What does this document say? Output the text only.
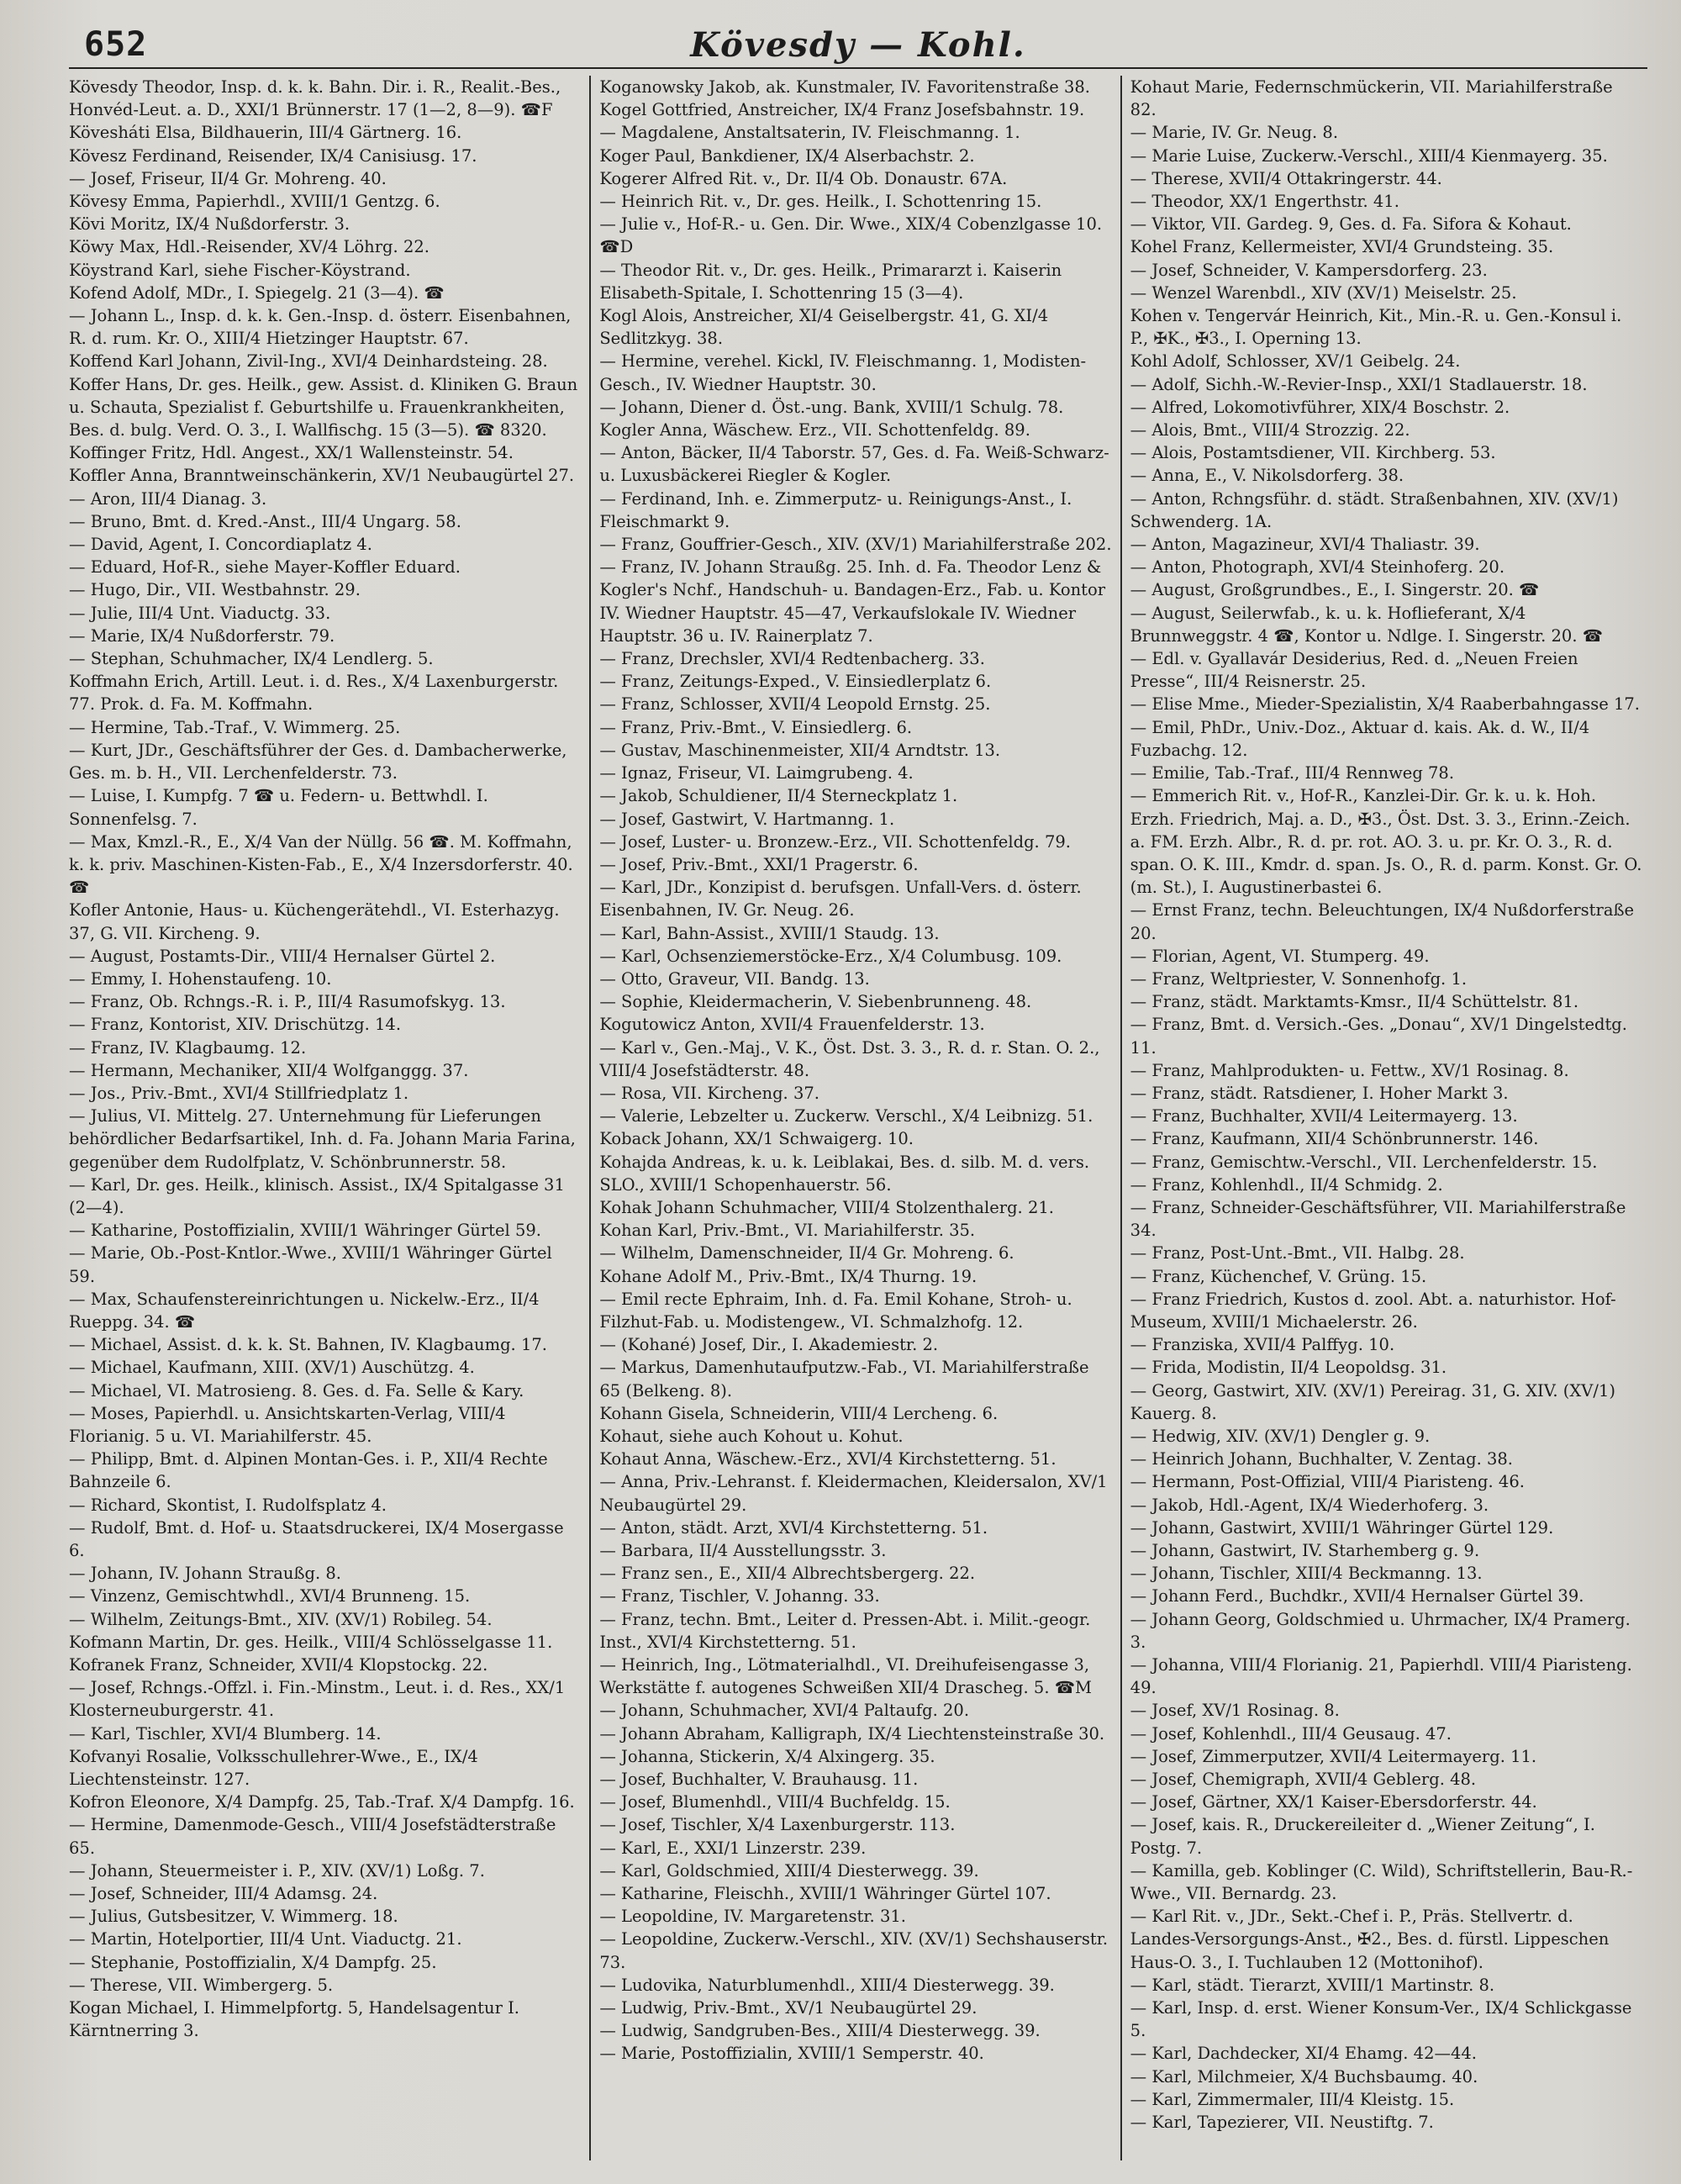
652	Kövesdy — Kohl.

Kövesdy Theodor, Insp. d. k. k. Bahn. Dir. i. R., Realit.-Bes., Honvéd-Leut. a. D., XXI/1 Brünnerstr. 17 (1—2, 8—9). ☎F

Kövesháti Elsa, Bildhauerin, III/4 Gärtnerg. 16.

Kövesz Ferdinand, Reisender, IX/4 Canisiusg. 17.

— Josef, Friseur, II/4 Gr. Mohreng. 40.

Kövesy Emma, Papierhdl., XVIII/1 Gentzg. 6.

Kövi Moritz, IX/4 Nußdorferstr. 3.

Köwy Max, Hdl.-Reisender, XV/4 Löhrg. 22.

Köystrand Karl, siehe Fischer-Köystrand.

Kofend Adolf, MDr., I. Spiegelg. 21 (3—4). ☎

— Johann L., Insp. d. k. k. Gen.-Insp. d. österr. Eisenbahnen, R. d. rum. Kr. O., XIII/4 Hietzinger Hauptstr. 67.

Koffend Karl Johann, Zivil-Ing., XVI/4 Deinhardsteing. 28.

Koffer Hans, Dr. ges. Heilk., gew. Assist. d. Kliniken G. Braun u. Schauta, Spezialist f. Geburtshilfe u. Frauenkrankheiten, Bes. d. bulg. Verd. O. 3., I. Wallfischg. 15 (3—5). ☎ 8320.

Koffinger Fritz, Hdl. Angest., XX/1 Wallensteinstr. 54.

Koffler Anna, Branntweinschänkerin, XV/1 Neubaugürtel 27.

— Aron, III/4 Dianag. 3.

— Bruno, Bmt. d. Kred.-Anst., III/4 Ungarg. 58.

— David, Agent, I. Concordiaplatz 4.

— Eduard, Hof-R., siehe Mayer-Koffler Eduard.

— Hugo, Dir., VII. Westbahnstr. 29.

— Julie, III/4 Unt. Viaductg. 33.

— Marie, IX/4 Nußdorferstr. 79.

— Stephan, Schuhmacher, IX/4 Lendlerg. 5.

Koffmahn Erich, Artill. Leut. i. d. Res., X/4 Laxenburgerstr. 77. Prok. d. Fa. M. Koffmahn.

— Hermine, Tab.-Traf., V. Wimmerg. 25.

— Kurt, JDr., Geschäftsführer der Ges. d. Dambacherwerke, Ges. m. b. H., VII. Lerchenfelderstr. 73.

— Luise, I. Kumpfg. 7 ☎ u. Federn- u. Bettwhdl. I. Sonnenfelsg. 7.

— Max, Kmzl.-R., E., X/4 Van der Nüllg. 56 ☎. M. Koffmahn, k. k. priv. Maschinen-Kisten-Fab., E., X/4 Inzersdorferstr. 40. ☎

Kofler Antonie, Haus- u. Küchengerätehdl., VI. Esterhazyg. 37, G. VII. Kircheng. 9.

— August, Postamts-Dir., VIII/4 Hernalser Gürtel 2.

— Emmy, I. Hohenstaufeng. 10.

— Franz, Ob. Rchngs.-R. i. P., III/4 Rasumofskyg. 13.

— Franz, Kontorist, XIV. Drischützg. 14.

— Franz, IV. Klagbaumg. 12.

— Hermann, Mechaniker, XII/4 Wolfganggg. 37.

— Jos., Priv.-Bmt., XVI/4 Stillfriedplatz 1.

— Julius, VI. Mittelg. 27. Unternehmung für Lieferungen behördlicher Bedarfsartikel, Inh. d. Fa. Johann Maria Farina, gegenüber dem Rudolfplatz, V. Schönbrunnerstr. 58.

— Karl, Dr. ges. Heilk., klinisch. Assist., IX/4 Spitalgasse 31 (2—4).

— Katharine, Postoffizialin, XVIII/1 Währinger Gürtel 59.

— Marie, Ob.-Post-Kntlor.-Wwe., XVIII/1 Währinger Gürtel 59.

— Max, Schaufenstereinrichtungen u. Nickelw.-Erz., II/4 Rueppg. 34. ☎

— Michael, Assist. d. k. k. St. Bahnen, IV. Klagbaumg. 17.

— Michael, Kaufmann, XIII. (XV/1) Auschützg. 4.

— Michael, VI. Matrosieng. 8. Ges. d. Fa. Selle & Kary.

— Moses, Papierhdl. u. Ansichtskarten-Verlag, VIII/4 Florianig. 5 u. VI. Mariahilferstr. 45.

— Philipp, Bmt. d. Alpinen Montan-Ges. i. P., XII/4 Rechte Bahnzeile 6.

— Richard, Skontist, I. Rudolfsplatz 4.

— Rudolf, Bmt. d. Hof- u. Staatsdruckerei, IX/4 Mosergasse 6.

— Johann, IV. Johann Straußg. 8.

— Vinzenz, Gemischtwhdl., XVI/4 Brunneng. 15.

— Wilhelm, Zeitungs-Bmt., XIV. (XV/1) Robileg. 54.

Kofmann Martin, Dr. ges. Heilk., VIII/4 Schlösselgasse 11.

Kofranek Franz, Schneider, XVII/4 Klopstockg. 22.

— Josef, Rchngs.-Offzl. i. Fin.-Minstm., Leut. i. d. Res., XX/1 Klosterneuburgerstr. 41.

— Karl, Tischler, XVI/4 Blumberg. 14.

Kofvanyi Rosalie, Volksschullehrer-Wwe., E., IX/4 Liechtensteinstr. 127.

Kofron Eleonore, X/4 Dampfg. 25, Tab.-Traf. X/4 Dampfg. 16.

— Hermine, Damenmode-Gesch., VIII/4 Josefstädterstraße 65.

— Johann, Steuermeister i. P., XIV. (XV/1) Loßg. 7.

— Josef, Schneider, III/4 Adamsg. 24.

— Julius, Gutsbesitzer, V. Wimmerg. 18.

— Martin, Hotelportier, III/4 Unt. Viaductg. 21.

— Stephanie, Postoffizialin, X/4 Dampfg. 25.

— Therese, VII. Wimbergerg. 5.

Kogan Michael, I. Himmelpfortg. 5, Handelsagentur I. Kärntnerring 3.

Koganowsky Jakob, ak. Kunstmaler, IV. Favoritenstraße 38.

Kogel Gottfried, Anstreicher, IX/4 Franz Josefsbahnstr. 19.

— Magdalene, Anstaltsaterin, IV. Fleischmanng. 1.

Koger Paul, Bankdiener, IX/4 Alserbachstr. 2.

Kogerer Alfred Rit. v., Dr. II/4 Ob. Donaustr. 67A.

— Heinrich Rit. v., Dr. ges. Heilk., I. Schottenring 15.

— Julie v., Hof-R.- u. Gen. Dir. Wwe., XIX/4 Cobenzlgasse 10. ☎D

— Theodor Rit. v., Dr. ges. Heilk., Primararzt i. Kaiserin Elisabeth-Spitale, I. Schottenring 15 (3—4).

Kogl Alois, Anstreicher, XI/4 Geiselbergstr. 41, G. XI/4 Sedlitzkyg. 38.

— Hermine, verehel. Kickl, IV. Fleischmanng. 1, Modisten-Gesch., IV. Wiedner Hauptstr. 30.

— Johann, Diener d. Öst.-ung. Bank, XVIII/1 Schulg. 78.

Kogler Anna, Wäschew. Erz., VII. Schottenfeldg. 89.

— Anton, Bäcker, II/4 Taborstr. 57, Ges. d. Fa. Weiß-Schwarz- u. Luxusbäckerei Riegler & Kogler.

— Ferdinand, Inh. e. Zimmerputz- u. Reinigungs-Anst., I. Fleischmarkt 9.

— Franz, Gouffrier-Gesch., XIV. (XV/1) Mariahilferstraße 202.

— Franz, IV. Johann Straußg. 25. Inh. d. Fa. Theodor Lenz & Kogler's Nchf., Handschuh- u. Bandagen-Erz., Fab. u. Kontor IV. Wiedner Hauptstr. 45—47, Verkaufslokale IV. Wiedner Hauptstr. 36 u. IV. Rainerplatz 7.

— Franz, Drechsler, XVI/4 Redtenbacherg. 33.

— Franz, Zeitungs-Exped., V. Einsiedlerplatz 6.

— Franz, Schlosser, XVII/4 Leopold Ernstg. 25.

— Franz, Priv.-Bmt., V. Einsiedlerg. 6.

— Gustav, Maschinenmeister, XII/4 Arndtstr. 13.

— Ignaz, Friseur, VI. Laimgrubeng. 4.

— Jakob, Schuldiener, II/4 Sterneckplatz 1.

— Josef, Gastwirt, V. Hartmanng. 1.

— Josef, Luster- u. Bronzew.-Erz., VII. Schottenfeldg. 79.

— Josef, Priv.-Bmt., XXI/1 Pragerstr. 6.

— Karl, JDr., Konzipist d. berufsgen. Unfall-Vers. d. österr. Eisenbahnen, IV. Gr. Neug. 26.

— Karl, Bahn-Assist., XVIII/1 Staudg. 13.

— Karl, Ochsenziemerstöcke-Erz., X/4 Columbusg. 109.

— Otto, Graveur, VII. Bandg. 13.

— Sophie, Kleidermacherin, V. Siebenbrunneng. 48.

Kogutowicz Anton, XVII/4 Frauenfelderstr. 13.

— Karl v., Gen.-Maj., V. K., Öst. Dst. 3. 3., R. d. r. Stan. O. 2., VIII/4 Josefstädterstr. 48.

— Rosa, VII. Kircheng. 37.

— Valerie, Lebzelter u. Zuckerw. Verschl., X/4 Leibnizg. 51.

Koback Johann, XX/1 Schwaigerg. 10.

Kohajda Andreas, k. u. k. Leiblakai, Bes. d. silb. M. d. vers. SLO., XVIII/1 Schopenhauerstr. 56.

Kohak Johann Schuhmacher, VIII/4 Stolzenthalerg. 21.

Kohan Karl, Priv.-Bmt., VI. Mariahilferstr. 35.

— Wilhelm, Damenschneider, II/4 Gr. Mohreng. 6.

Kohane Adolf M., Priv.-Bmt., IX/4 Thurng. 19.

— Emil recte Ephraim, Inh. d. Fa. Emil Kohane, Stroh- u. Filzhut-Fab. u. Modistengew., VI. Schmalzhofg. 12.

— (Kohané) Josef, Dir., I. Akademiestr. 2.

— Markus, Damenhutaufputzw.-Fab., VI. Mariahilferstraße 65 (Belkeng. 8).

Kohann Gisela, Schneiderin, VIII/4 Lercheng. 6.

Kohaut, siehe auch Kohout u. Kohut.

Kohaut Anna, Wäschew.-Erz., XVI/4 Kirchstetterng. 51.

— Anna, Priv.-Lehranst. f. Kleidermachen, Kleidersalon, XV/1 Neubaugürtel 29.

— Anton, städt. Arzt, XVI/4 Kirchstetterng. 51.

— Barbara, II/4 Ausstellungsstr. 3.

— Franz sen., E., XII/4 Albrechtsbergerg. 22.

— Franz, Tischler, V. Johanng. 33.

— Franz, techn. Bmt., Leiter d. Pressen-Abt. i. Milit.-geogr. Inst., XVI/4 Kirchstetterng. 51.

— Heinrich, Ing., Lötmaterialhdl., VI. Dreihufeisengasse 3, Werkstätte f. autogenes Schweißen XII/4 Drascheg. 5. ☎M

— Johann, Schuhmacher, XVI/4 Paltaufg. 20.

— Johann Abraham, Kalligraph, IX/4 Liechtensteinstraße 30.

— Johanna, Stickerin, X/4 Alxingerg. 35.

— Josef, Buchhalter, V. Brauhausg. 11.

— Josef, Blumenhdl., VIII/4 Buchfeldg. 15.

— Josef, Tischler, X/4 Laxenburgerstr. 113.

— Karl, E., XXI/1 Linzerstr. 239.

— Karl, Goldschmied, XIII/4 Diesterwegg. 39.

— Katharine, Fleischh., XVIII/1 Währinger Gürtel 107.

— Leopoldine, IV. Margaretenstr. 31.

— Leopoldine, Zuckerw.-Verschl., XIV. (XV/1) Sechshauserstr. 73.

— Ludovika, Naturblumenhdl., XIII/4 Diesterwegg. 39.

— Ludwig, Priv.-Bmt., XV/1 Neubaugürtel 29.

— Ludwig, Sandgruben-Bes., XIII/4 Diesterwegg. 39.

— Marie, Postoffizialin, XVIII/1 Semperstr. 40.

Kohaut Marie, Federnschmückerin, VII. Mariahilferstraße 82.

— Marie, IV. Gr. Neug. 8.

— Marie Luise, Zuckerw.-Verschl., XIII/4 Kienmayerg. 35.

— Therese, XVII/4 Ottakringerstr. 44.

— Theodor, XX/1 Engerthstr. 41.

— Viktor, VII. Gardeg. 9, Ges. d. Fa. Sifora & Kohaut.

Kohel Franz, Kellermeister, XVI/4 Grundsteing. 35.

— Josef, Schneider, V. Kampersdorferg. 23.

— Wenzel Warenbdl., XIV (XV/1) Meiselstr. 25.

Kohen v. Tengervár Heinrich, Kit., Min.-R. u. Gen.-Konsul i. P., ✠K., ✠3., I. Operning 13.

Kohl Adolf, Schlosser, XV/1 Geibelg. 24.

— Adolf, Sichh.-W.-Revier-Insp., XXI/1 Stadlauerstr. 18.

— Alfred, Lokomotivführer, XIX/4 Boschstr. 2.

— Alois, Bmt., VIII/4 Strozzig. 22.

— Alois, Postamtsdiener, VII. Kirchberg. 53.

— Anna, E., V. Nikolsdorferg. 38.

— Anton, Rchngsführ. d. städt. Straßenbahnen, XIV. (XV/1) Schwenderg. 1A.

— Anton, Magazineur, XVI/4 Thaliastr. 39.

— Anton, Photograph, XVI/4 Steinhoferg. 20.

— August, Großgrundbes., E., I. Singerstr. 20. ☎

— August, Seilerwfab., k. u. k. Hoflieferant, X/4 Brunnweggstr. 4 ☎, Kontor u. Ndlge. I. Singerstr. 20. ☎

— Edl. v. Gyallavár Desiderius, Red. d. „Neuen Freien Presse“, III/4 Reisnerstr. 25.

— Elise Mme., Mieder-Spezialistin, X/4 Raaberbahngasse 17.

— Emil, PhDr., Univ.-Doz., Aktuar d. kais. Ak. d. W., II/4 Fuzbachg. 12.

— Emilie, Tab.-Traf., III/4 Rennweg 78.

— Emmerich Rit. v., Hof-R., Kanzlei-Dir. Gr. k. u. k. Hoh. Erzh. Friedrich, Maj. a. D., ✠3., Öst. Dst. 3. 3., Erinn.-Zeich. a. FM. Erzh. Albr., R. d. pr. rot. AO. 3. u. pr. Kr. O. 3., R. d. span. O. K. III., Kmdr. d. span. Js. O., R. d. parm. Konst. Gr. O. (m. St.), I. Augustinerbastei 6.

— Ernst Franz, techn. Beleuchtungen, IX/4 Nußdorferstraße 20.

— Florian, Agent, VI. Stumperg. 49.

— Franz, Weltpriester, V. Sonnenhofg. 1.

— Franz, städt. Marktamts-Kmsr., II/4 Schüttelstr. 81.

— Franz, Bmt. d. Versich.-Ges. „Donau“, XV/1 Dingelstedtg. 11.

— Franz, Mahlprodukten- u. Fettw., XV/1 Rosinag. 8.

— Franz, städt. Ratsdiener, I. Hoher Markt 3.

— Franz, Buchhalter, XVII/4 Leitermayerg. 13.

— Franz, Kaufmann, XII/4 Schönbrunnerstr. 146.

— Franz, Gemischtw.-Verschl., VII. Lerchenfelderstr. 15.

— Franz, Kohlenhdl., II/4 Schmidg. 2.

— Franz, Schneider-Geschäftsführer, VII. Mariahilferstraße 34.

— Franz, Post-Unt.-Bmt., VII. Halbg. 28.

— Franz, Küchenchef, V. Grüng. 15.

— Franz Friedrich, Kustos d. zool. Abt. a. naturhistor. Hof-Museum, XVIII/1 Michaelerstr. 26.

— Franziska, XVII/4 Palffyg. 10.

— Frida, Modistin, II/4 Leopoldsg. 31.

— Georg, Gastwirt, XIV. (XV/1) Pereirag. 31, G. XIV. (XV/1) Kauerg. 8.

— Hedwig, XIV. (XV/1) Dengler g. 9.

— Heinrich Johann, Buchhalter, V. Zentag. 38.

— Hermann, Post-Offizial, VIII/4 Piaristeng. 46.

— Jakob, Hdl.-Agent, IX/4 Wiederhoferg. 3.

— Johann, Gastwirt, XVIII/1 Währinger Gürtel 129.

— Johann, Gastwirt, IV. Starhemberg g. 9.

— Johann, Tischler, XIII/4 Beckmanng. 13.

— Johann Ferd., Buchdkr., XVII/4 Hernalser Gürtel 39.

— Johann Georg, Goldschmied u. Uhrmacher, IX/4 Pramerg. 3.

— Johanna, VIII/4 Florianig. 21, Papierhdl. VIII/4 Piaristeng. 49.

— Josef, XV/1 Rosinag. 8.

— Josef, Kohlenhdl., III/4 Geusaug. 47.

— Josef, Zimmerputzer, XVII/4 Leitermayerg. 11.

— Josef, Chemigraph, XVII/4 Geblerg. 48.

— Josef, Gärtner, XX/1 Kaiser-Ebersdorferstr. 44.

— Josef, kais. R., Druckereileiter d. „Wiener Zeitung“, I. Postg. 7.

— Kamilla, geb. Koblinger (C. Wild), Schriftstellerin, Bau-R.-Wwe., VII. Bernardg. 23.

— Karl Rit. v., JDr., Sekt.-Chef i. P., Präs. Stellvertr. d. Landes-Versorgungs-Anst., ✠2., Bes. d. fürstl. Lippeschen Haus-O. 3., I. Tuchlauben 12 (Mottonihof).

— Karl, städt. Tierarzt, XVIII/1 Martinstr. 8.

— Karl, Insp. d. erst. Wiener Konsum-Ver., IX/4 Schlickgasse 5.

— Karl, Dachdecker, XI/4 Ehamg. 42—44.

— Karl, Milchmeier, X/4 Buchsbaumg. 40.

— Karl, Zimmermaler, III/4 Kleistg. 15.

— Karl, Tapezierer, VII. Neustiftg. 7.
